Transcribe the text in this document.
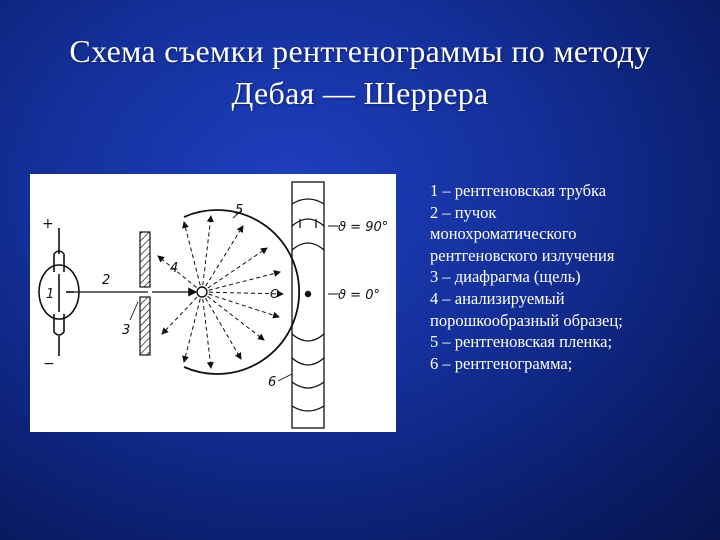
Схема съемки рентгенограммы по методу
Дебая — Шеррера
+
−
1
2
3
5
4
O
6
ϑ = 90°
ϑ = 0°
1 – рентгеновская трубка
2 – пучок
монохроматического
рентгеновского излучения
3 – диафрагма (щель)
4 – анализируемый
порошкообразный образец;
5 – рентгеновская пленка;
6 – рентгенограмма;
